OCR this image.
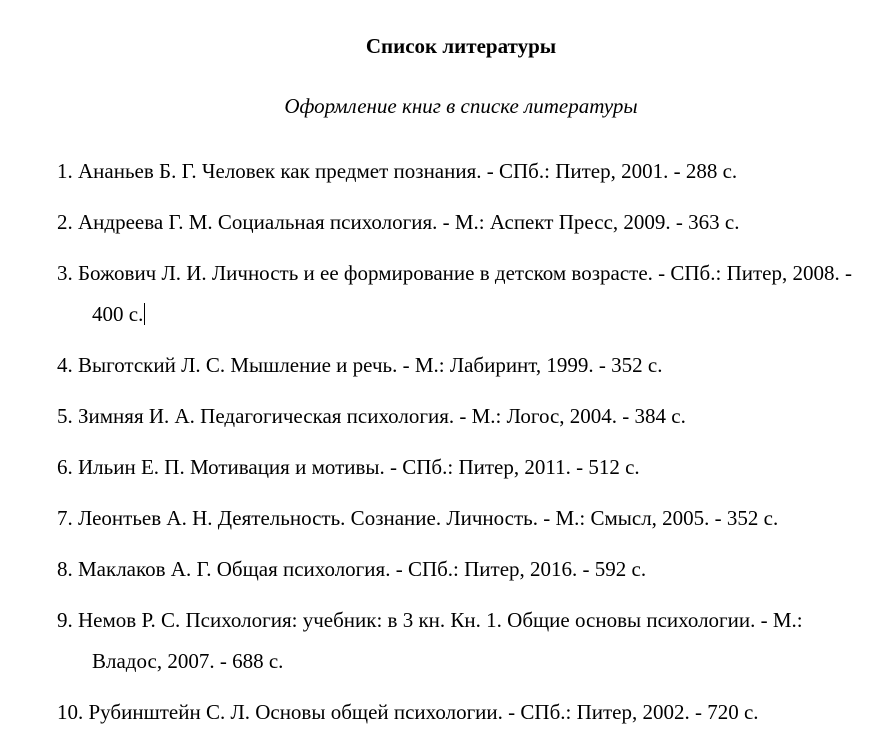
Список литературы
Оформление книг в списке литературы
1. Ананьев Б. Г. Человек как предмет познания. - СПб.: Питер, 2001. - 288 с.
2. Андреева Г. М. Социальная психология. - М.: Аспект Пресс, 2009. - 363 с.
3. Божович Л. И. Личность и ее формирование в детском возрасте. - СПб.: Питер, 2008. - 400 с.
4. Выготский Л. С. Мышление и речь. - М.: Лабиринт, 1999. - 352 с.
5. Зимняя И. А. Педагогическая психология. - М.: Логос, 2004. - 384 с.
6. Ильин Е. П. Мотивация и мотивы. - СПб.: Питер, 2011. - 512 с.
7. Леонтьев А. Н. Деятельность. Сознание. Личность. - М.: Смысл, 2005. - 352 с.
8. Маклаков А. Г. Общая психология. - СПб.: Питер, 2016. - 592 с.
9. Немов Р. С. Психология: учебник: в 3 кн. Кн. 1. Общие основы психологии. - М.: Владос, 2007. - 688 с.
10. Рубинштейн С. Л. Основы общей психологии. - СПб.: Питер, 2002. - 720 с.
